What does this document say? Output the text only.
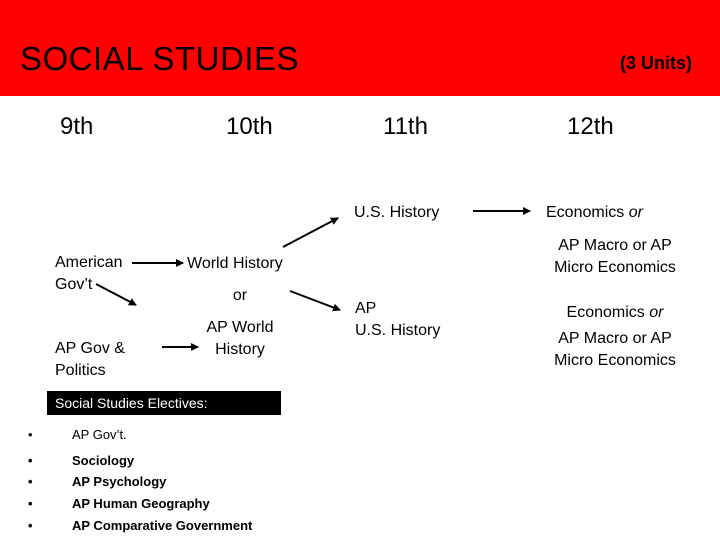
SOCIAL STUDIES	(3 Units)
9th	10th	11th	12th
American
Gov’t
AP Gov &
Politics
World History
or
AP World
History
U.S. History
AP
U.S. History
Economics or
AP Macro or AP
Micro Economics
Economics or
AP Macro or AP
Micro Economics
Social Studies Electives:
•	AP Gov’t.
•	Sociology
•	AP Psychology
•	AP Human Geography
•	AP Comparative Government
